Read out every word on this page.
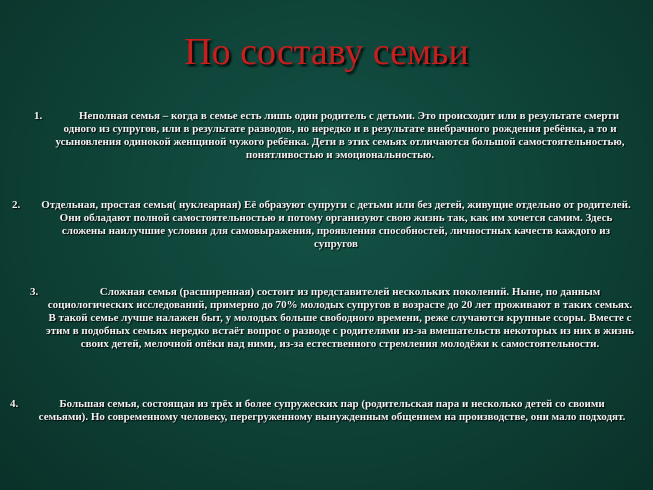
По составу семьи
1.	Неполная семья – когда в семье есть лишь один родитель с детьми. Это происходит или в результате смерти одного из супругов, или в результате разводов, но нередко и в результате внебрачного рождения ребёнка, а то и усыновления одинокой женщиной чужого ребёнка. Дети в этих семьях отличаются большой самостоятельностью, понятливостью и эмоциональностью.
2. Отдельная, простая семья( нуклеарная) Её образуют супруги с детьми или без детей, живущие отдельно от родителей. Они обладают полной самостоятельностью и потому организуют свою жизнь так, как им хочется самим. Здесь сложены наилучшие условия для самовыражения, проявления способностей, личностных качеств каждого из супругов
3.	Сложная семья (расширенная) состоит из представителей нескольких поколений. Ныне, по данным социологических исследований, примерно до 70% молодых супругов в возрасте до 20 лет проживают в таких семьях. В такой семье лучше налажен быт, у молодых больше свободного времени, реже случаются крупные ссоры. Вместе с этим в подобных семьях нередко встаёт вопрос о разводе с родителями из-за вмешательств некоторых из них в жизнь своих детей, мелочной опёки над ними, из-за естественного стремления молодёжи к самостоятельности.
4.	Большая семья, состоящая из трёх и более супружеских пар (родительская пара и несколько детей со своими семьями). Но современному человеку, перегруженному вынужденным общением на производстве, они мало подходят.
